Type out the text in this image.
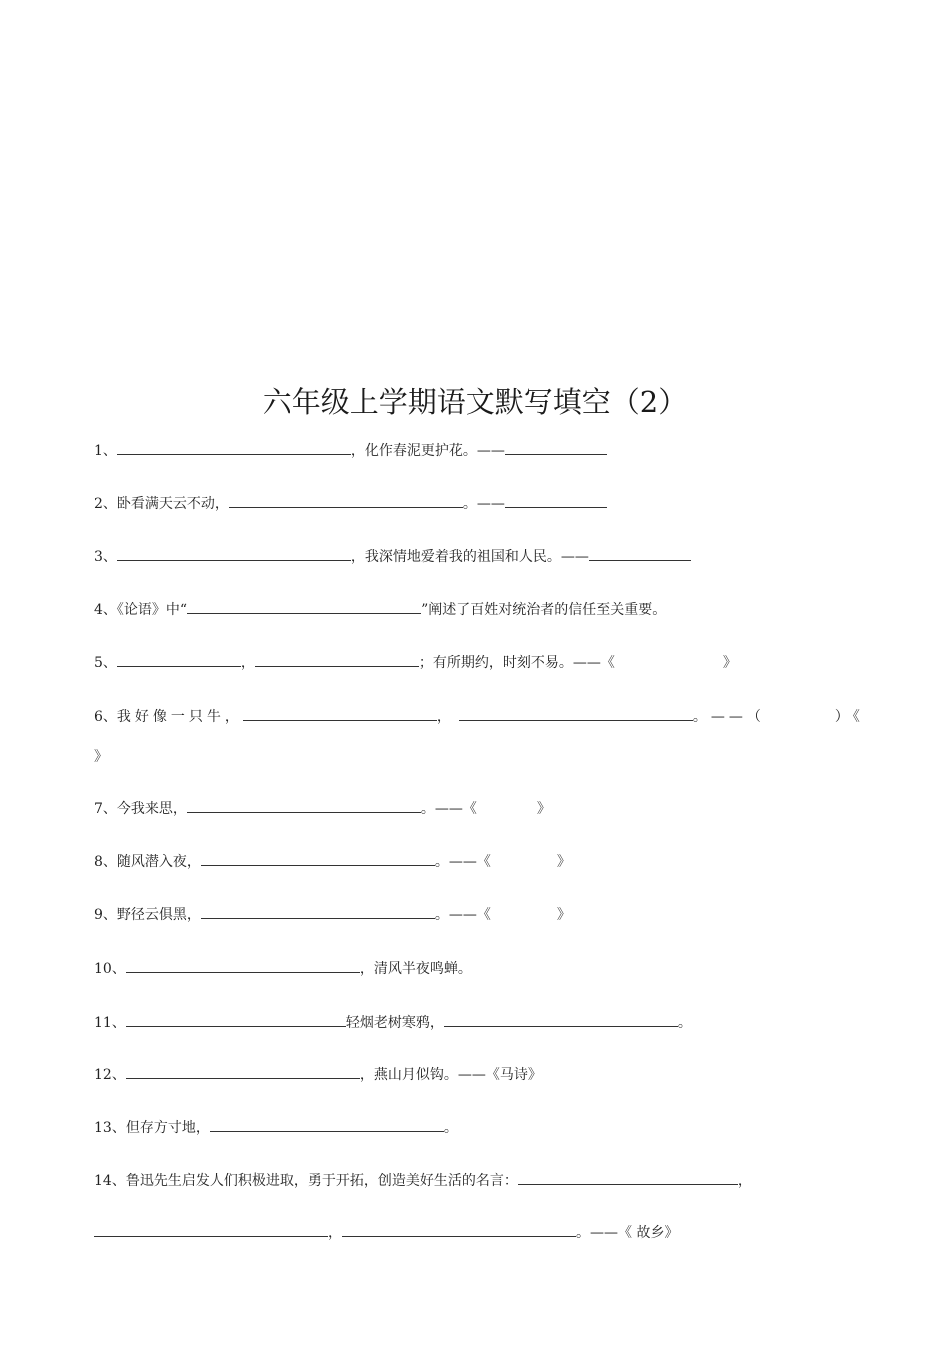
六年级上学期语文默写填空（2）
1、	，化作春泥更护花。——
2、卧看满天云不动，	。——
3、	，我深情地爱着我的祖国和人民。——
4、《论语》中“	”阐述了百姓对统治者的信任至关重要。
5、	，	；有所期约，时刻不易。——《	》
6、我好像一只牛，	，	。——（	）《
》
7、今我来思，	。——《	》
8、随风潜入夜，	。——《	》
9、野径云俱黑，	。——《	》
10、	，清风半夜鸣蝉。
11、	轻烟老树寒鸦，	。
12、	，燕山月似钩。——《马诗》
13、但存方寸地，	。
14、鲁迅先生启发人们积极进取，勇于开拓，创造美好生活的名言：	，
，	。——《 故乡》
